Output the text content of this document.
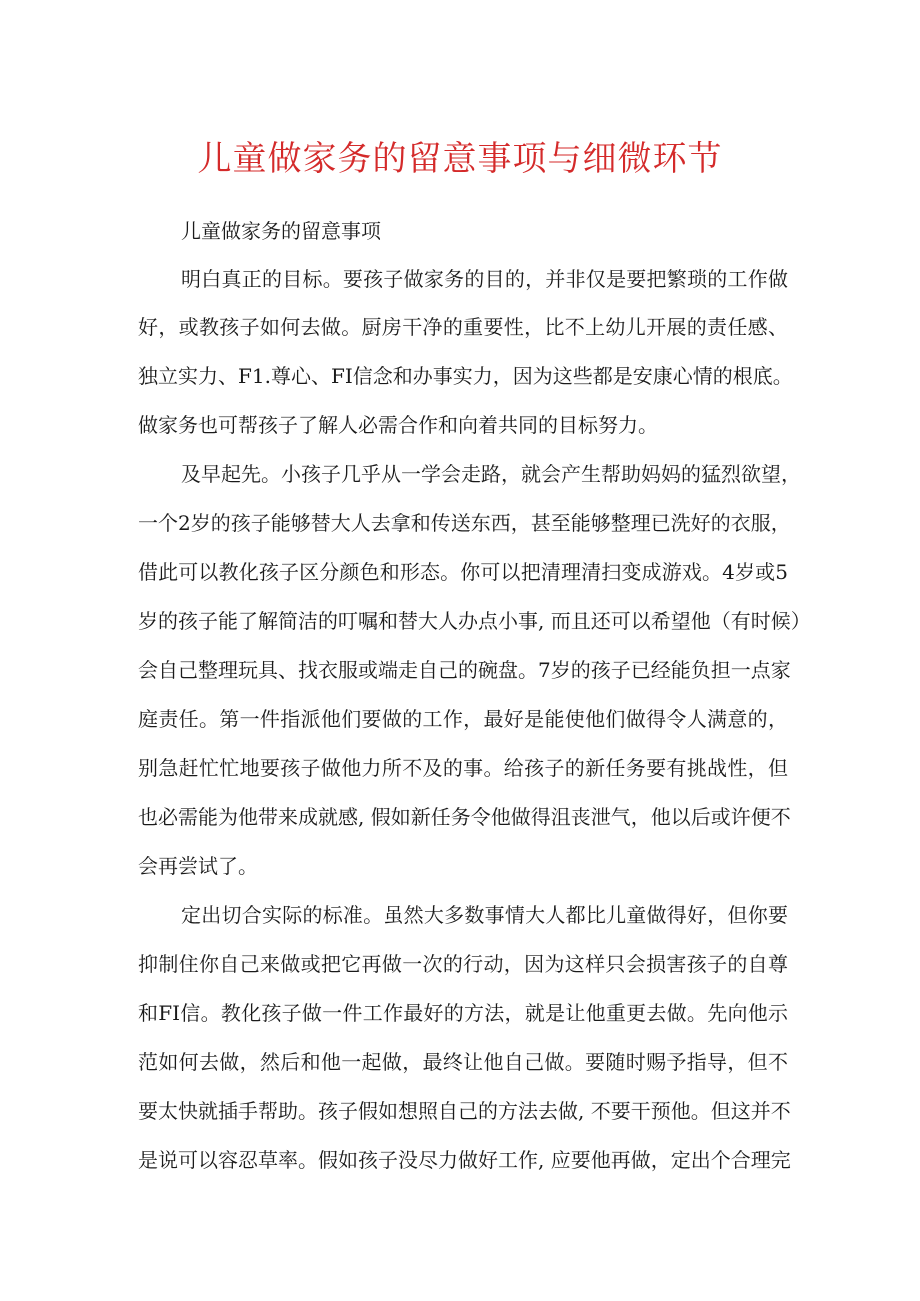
儿童做家务的留意事项与细微环节

儿童做家务的留意事项

明白真正的目标。要孩子做家务的目的，并非仅是要把繁琐的工作做

好，或教孩子如何去做。厨房干净的重要性，比不上幼儿开展的责任感、

独立实力、F1.尊心、FI信念和办事实力，因为这些都是安康心情的根底。

做家务也可帮孩子了解人必需合作和向着共同的目标努力。

及早起先。小孩子几乎从一学会走路，就会产生帮助妈妈的猛烈欲望，

一个2岁的孩子能够替大人去拿和传送东西，甚至能够整理已洗好的衣服，

借此可以教化孩子区分颜色和形态。你可以把清理清扫变成游戏。4岁或5

岁的孩子能了解简洁的叮嘱和替大人办点小事, 而且还可以希望他（有时候）

会自己整理玩具、找衣服或端走自己的碗盘。7岁的孩子已经能负担一点家

庭责任。第一件指派他们要做的工作，最好是能使他们做得令人满意的，

别急赶忙忙地要孩子做他力所不及的事。给孩子的新任务要有挑战性，但

也必需能为他带来成就感, 假如新任务令他做得沮丧泄气，他以后或许便不

会再尝试了。

定出切合实际的标准。虽然大多数事情大人都比儿童做得好，但你要

抑制住你自己来做或把它再做一次的行动，因为这样只会损害孩子的自尊

和FI信。教化孩子做一件工作最好的方法，就是让他重更去做。先向他示

范如何去做，然后和他一起做，最终让他自己做。要随时赐予指导，但不

要太快就插手帮助。孩子假如想照自己的方法去做, 不要干预他。但这并不

是说可以容忍草率。假如孩子没尽力做好工作, 应要他再做，定出个合理完
